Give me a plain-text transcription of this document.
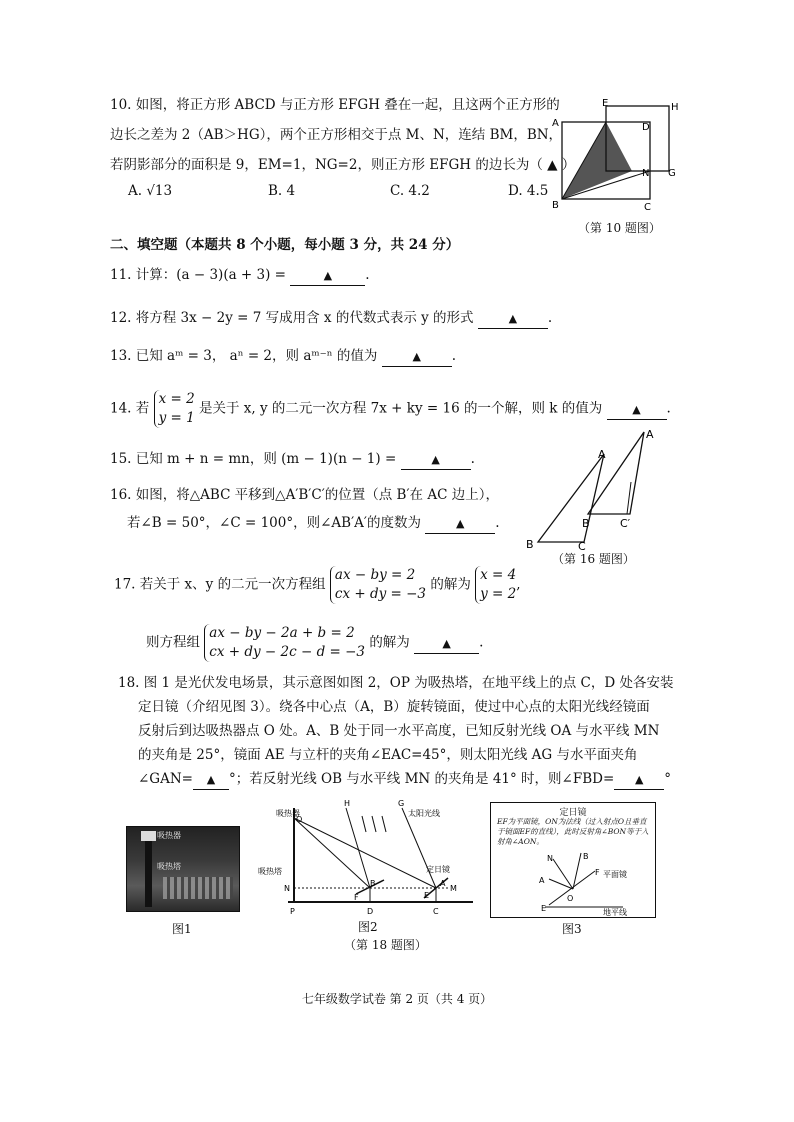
10. 如图，将正方形 ABCD 与正方形 EFGH 叠在一起，且这两个正方形的
边长之差为 2（AB＞HG），两个正方形相交于点 M、N，连结 BM，BN，
若阴影部分的面积是 9，EM=1，NG=2，则正方形 EFGH 的边长为（ ▲ ）
A. √13	B. 4	C. 4.2	D. 4.5
E	H
A	D
N G
B	C
（第 10 题图）
二、填空题（本题共 8 个小题，每小题 3 分，共 24 分）
11. 计算：(a − 3)(a + 3) =	▲ .
12. 将方程 3x − 2y = 7 写成用含 x 的代数式表示 y 的形式	▲ .
13. 已知 aᵐ = 3， aⁿ = 2，则 aᵐ⁻ⁿ 的值为	▲ .
14. 若 x = 2
y = 1 是关于 x, y 的二元一次方程 7x + ky = 16 的一个解，则 k 的值为	▲ .
15. 已知 m + n = mn，则 (m − 1)(n − 1) =	▲ .
16. 如图，将△ABC 平移到△A′B′C′的位置（点 B′在 AC 边上），
若∠B = 50°，∠C = 100°，则∠AB′A′的度数为	▲ .
A
A
B	C′
B	C
（第 16 题图）
17. 若关于 x、y 的二元一次方程组 ax − by = 2
cx + dy = −3 的解为 x = 4
y = 2,
则方程组 ax − by − 2a + b = 2
cx + dy − 2c − d = −3 的解为	▲ .
18. 图 1 是光伏发电场景，其示意图如图 2，OP 为吸热塔，在地平线上的点 C，D 处各安装
定日镜（介绍见图 3）。绕各中心点（A，B）旋转镜面，使过中心点的太阳光线经镜面
反射后到达吸热器点 O 处。A、B 处于同一水平高度，已知反射光线 OA 与水平线 MN
的夹角是 25°，镜面 AE 与立杆的夹角∠EAC=45°，则太阳光线 AG 与水平面夹角
∠GAN= ▲ °；若反射光线 OB 与水平线 MN 的夹角是 41° 时，则∠FBD= ▲ °
吸热器
吸热塔
图1
吸热器
吸热塔
太阳光线
定日镜
O
H	G
N	M
B	A
F	E
P	D	C
图2
定日镜
EF为平面镜，ON为法线（过入射点O且垂直于镜面EF的直线），此时反射角∠BON等于入射角∠AON。
N	B
A
F
O
E
平面镜
地平线
图3
（第 18 题图）
七年级数学试卷 第 2 页（共 4 页）
